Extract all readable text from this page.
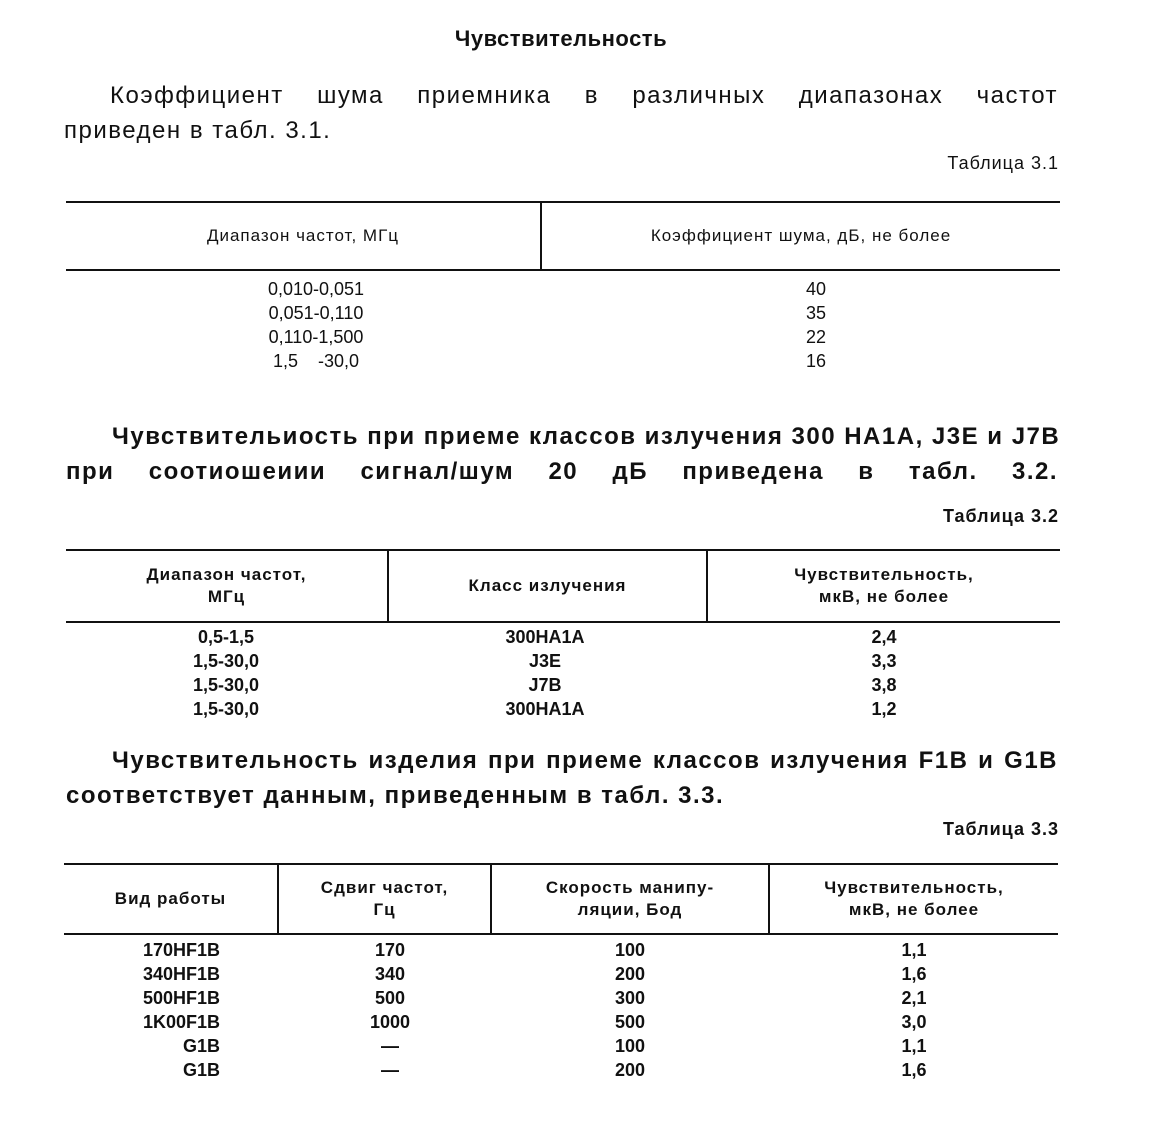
Чувствительность
Коэффициент шума приемника в различных диапазонах частот
приведен в табл. 3.1.
Таблица 3.1
Диапазон частот, МГц	Коэффициент шума, дБ, не более
0,010-0,051
0,051-0,110
0,110-1,500
1,5    -30,0
40
35
22
16
Чувствительиость при приеме классов излучения 300 НА1А, J3E и J7B
при соотиошеиии сигнал/шум 20 дБ приведена в табл. 3.2.
Таблица 3.2
Диапазон частот,
МГц
Класс излучения
Чувствительность,
мкВ, не более
0,5-1,5
1,5-30,0
1,5-30,0
1,5-30,0
300НА1А
J3E
J7B
300НА1А
2,4
3,3
3,8
1,2
Чувствительность изделия при приеме классов излучения F1B и G1B
соответствует данным, приведенным в табл. 3.3.
Таблица 3.3
Вид работы
Сдвиг частот,
Гц
Скорость манипу-
ляции, Бод
Чувствительность,
мкВ, не более
170HF1B
340HF1B
500HF1B
1K00F1B
G1B
G1B
170
340
500
1000
—
—
100
200
300
500
100
200
1,1
1,6
2,1
3,0
1,1
1,6
